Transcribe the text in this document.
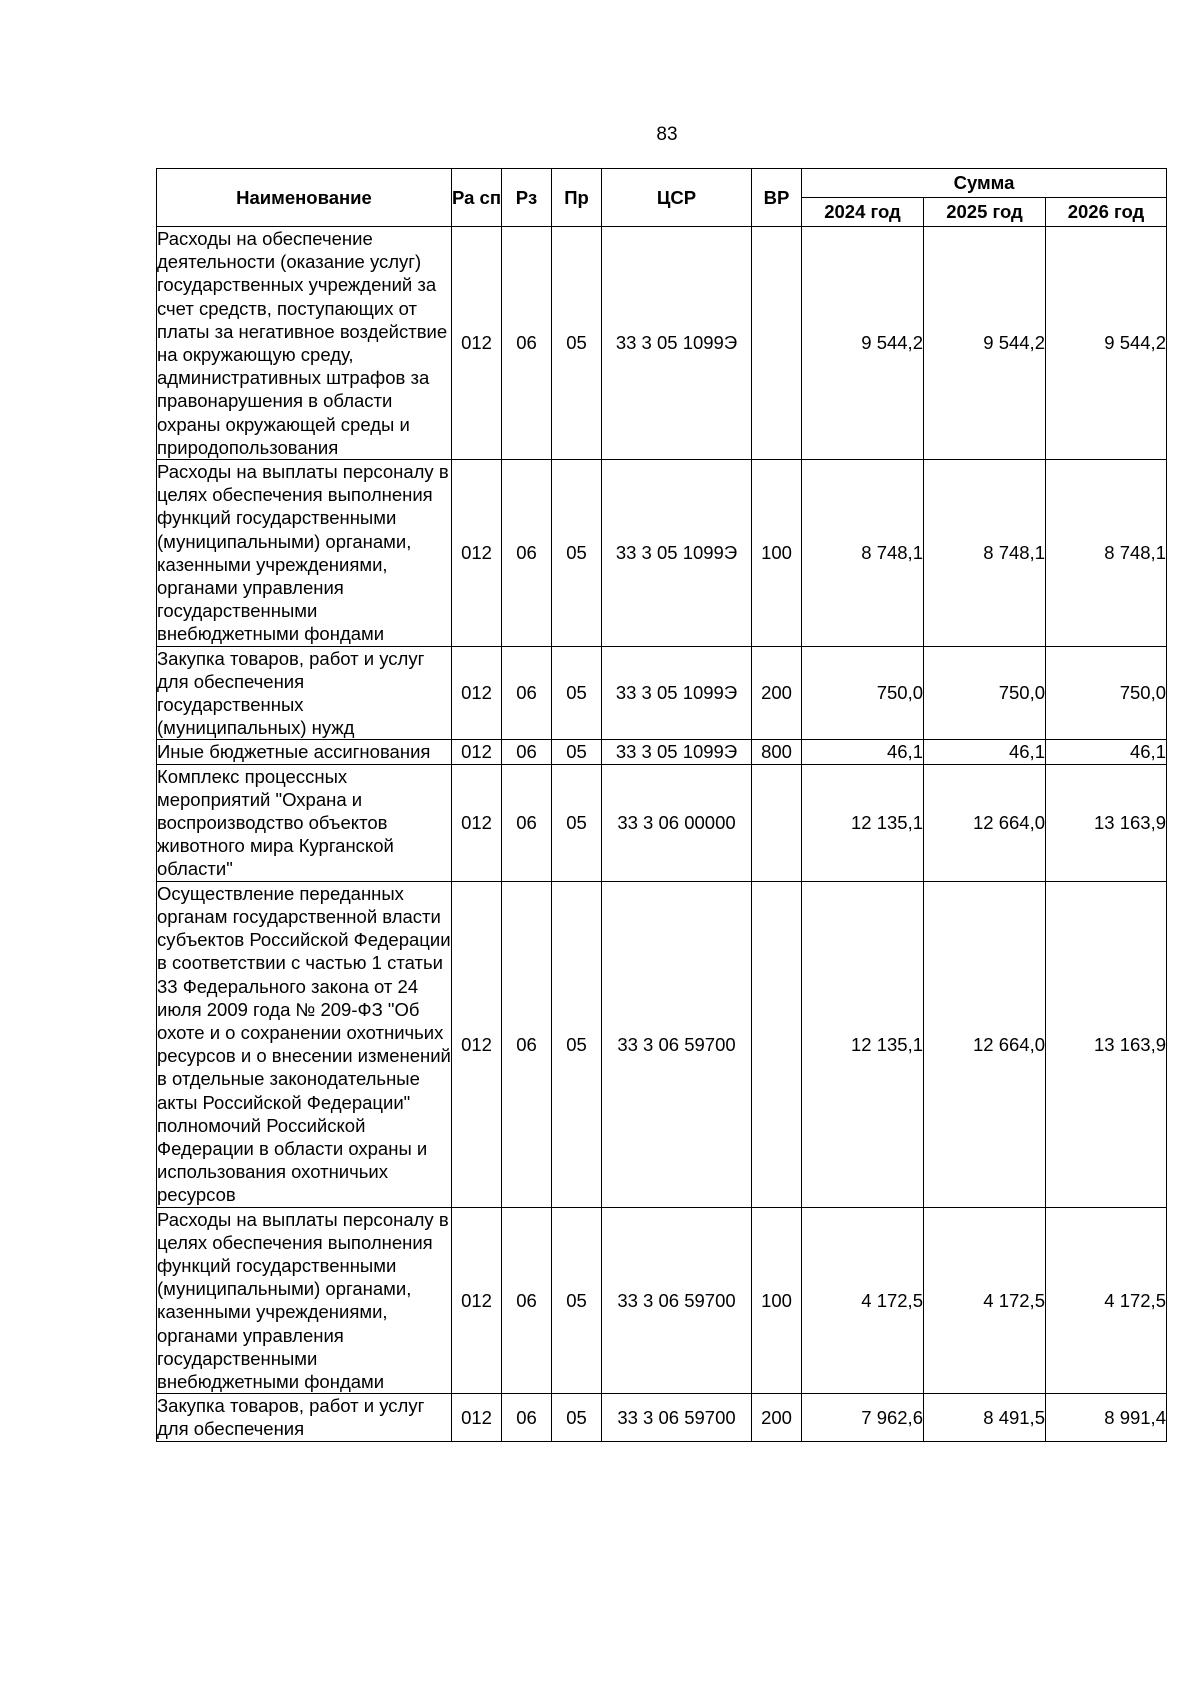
83
Наименование	Ра сп	Рз	Пр	ЦСР	ВР	Сумма		
						2024 год	2025 год	2026 год
Расходы на обеспечение деятельности (оказание услуг) государственных учреждений за счет средств, поступающих от платы за негативное воздействие на окружающую среду, административных штрафов за правонарушения в области охраны окружающей среды и природопользования	012	06	05	33 3 05 1099Э		9 544,2	9 544,2	9 544,2
Расходы на выплаты персоналу в целях обеспечения выполнения функций государственными (муниципальными) органами, казенными учреждениями, органами управления государственными внебюджетными фондами	012	06	05	33 3 05 1099Э	100	8 748,1	8 748,1	8 748,1
Закупка товаров, работ и услуг для обеспечения государственных (муниципальных) нужд	012	06	05	33 3 05 1099Э	200	750,0	750,0	750,0
Иные бюджетные ассигнования	012	06	05	33 3 05 1099Э	800	46,1	46,1	46,1
Комплекс процессных мероприятий "Охрана и воспроизводство объектов животного мира Курганской области"	012	06	05	33 3 06 00000		12 135,1	12 664,0	13 163,9
Осуществление переданных органам государственной власти субъектов Российской Федерации в соответствии с частью 1 статьи 33 Федерального закона от 24 июля 2009 года № 209-ФЗ "Об охоте и о сохранении охотничьих ресурсов и о внесении изменений в отдельные законодательные акты Российской Федерации" полномочий Российской Федерации в области охраны и использования охотничьих ресурсов	012	06	05	33 3 06 59700		12 135,1	12 664,0	13 163,9
Расходы на выплаты персоналу в целях обеспечения выполнения функций государственными (муниципальными) органами, казенными учреждениями, органами управления государственными внебюджетными фондами	012	06	05	33 3 06 59700	100	4 172,5	4 172,5	4 172,5
Закупка товаров, работ и услуг для обеспечения	012	06	05	33 3 06 59700	200	7 962,6	8 491,5	8 991,4
